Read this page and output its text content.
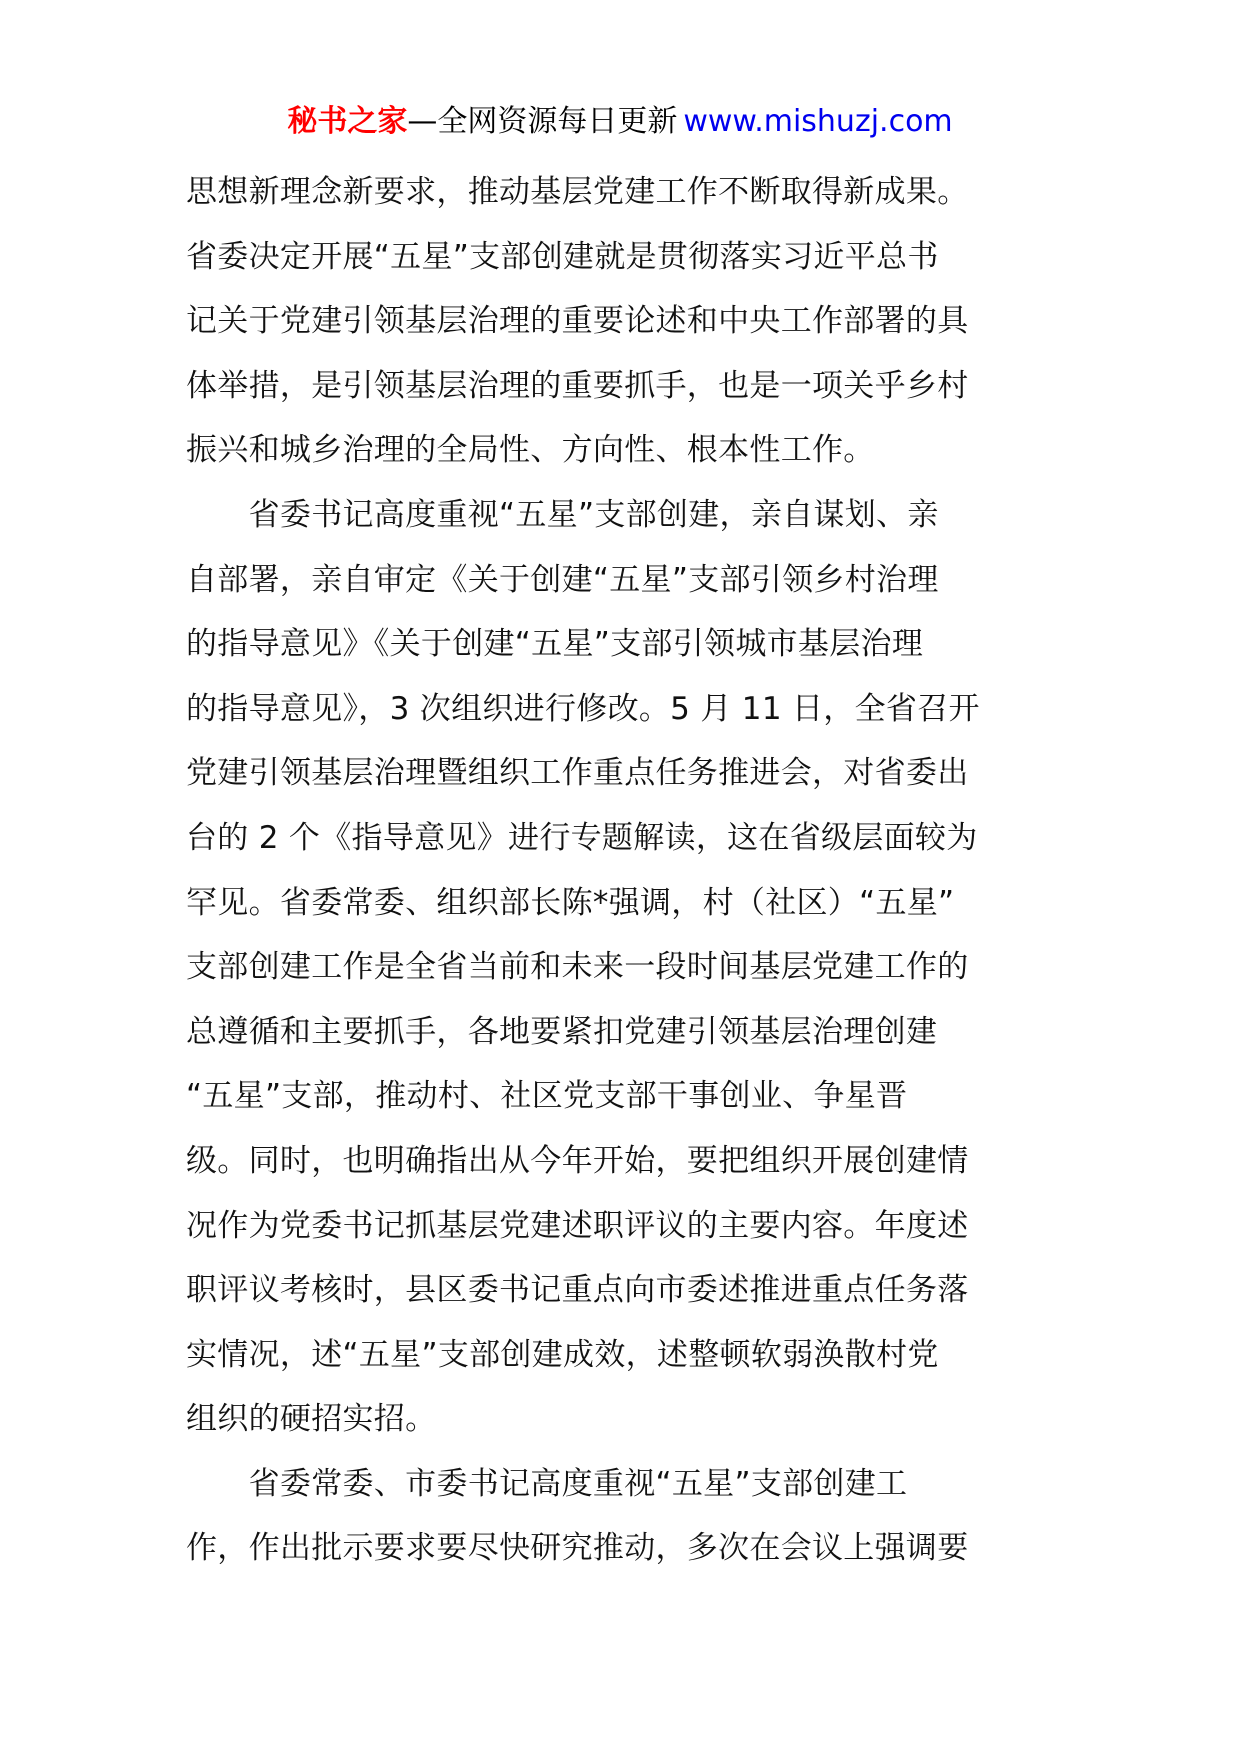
秘书之家—全网资源每日更新 www.mishuzj.com
思想新理念新要求，推动基层党建工作不断取得新成果。
省委决定开展“五星”支部创建就是贯彻落实习近平总书
记关于党建引领基层治理的重要论述和中央工作部署的具
体举措，是引领基层治理的重要抓手，也是一项关乎乡村
振兴和城乡治理的全局性、方向性、根本性工作。
　　省委书记高度重视“五星”支部创建，亲自谋划、亲
自部署，亲自审定《关于创建“五星”支部引领乡村治理
的指导意见》《关于创建“五星”支部引领城市基层治理
的指导意见》，3 次组织进行修改。5 月 11 日，全省召开
党建引领基层治理暨组织工作重点任务推进会，对省委出
台的 2 个《指导意见》进行专题解读，这在省级层面较为
罕见。省委常委、组织部长陈*强调，村（社区）“五星”
支部创建工作是全省当前和未来一段时间基层党建工作的
总遵循和主要抓手，各地要紧扣党建引领基层治理创建
“五星”支部，推动村、社区党支部干事创业、争星晋
级。同时，也明确指出从今年开始，要把组织开展创建情
况作为党委书记抓基层党建述职评议的主要内容。年度述
职评议考核时，县区委书记重点向市委述推进重点任务落
实情况，述“五星”支部创建成效，述整顿软弱涣散村党
组织的硬招实招。
　　省委常委、市委书记高度重视“五星”支部创建工
作，作出批示要求要尽快研究推动，多次在会议上强调要
